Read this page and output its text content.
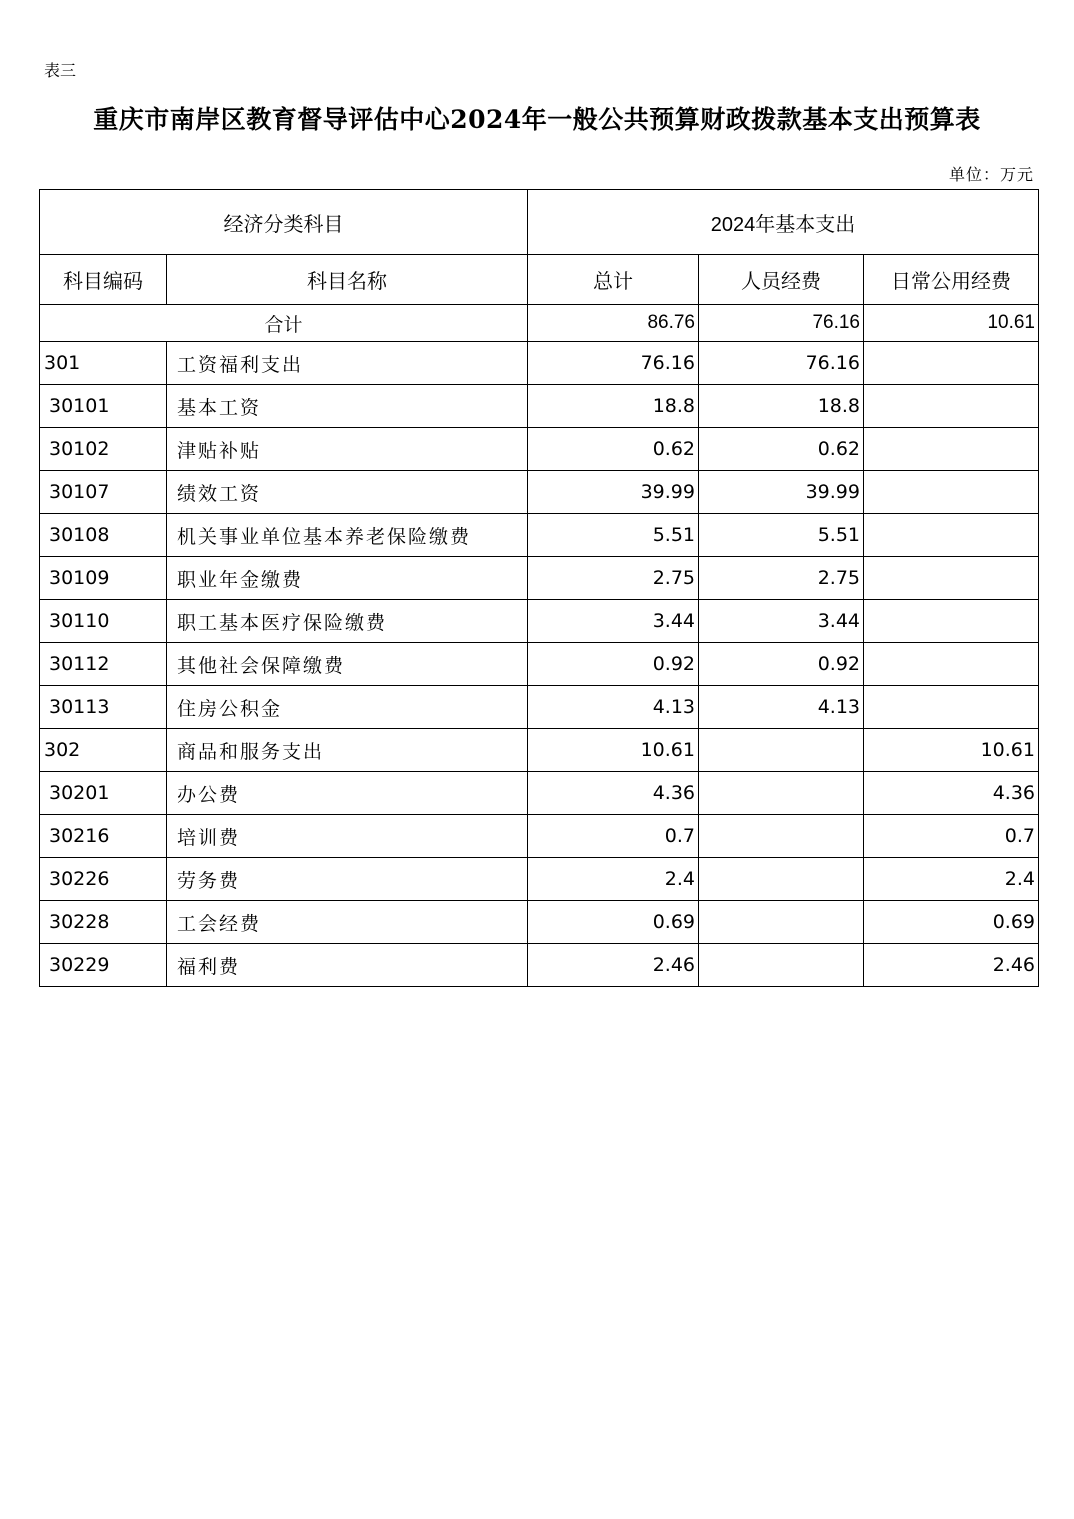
表三
重庆市南岸区教育督导评估中心2024年一般公共预算财政拨款基本支出预算表
单位：万元
经济分类科目		2024年基本支出		
科目编码	科目名称	总计	人员经费	日常公用经费
合计		86.76	76.16	10.61
301	工资福利支出	76.16	76.16	
30101	基本工资	18.8	18.8	
30102	津贴补贴	0.62	0.62	
30107	绩效工资	39.99	39.99	
30108	机关事业单位基本养老保险缴费	5.51	5.51	
30109	职业年金缴费	2.75	2.75	
30110	职工基本医疗保险缴费	3.44	3.44	
30112	其他社会保障缴费	0.92	0.92	
30113	住房公积金	4.13	4.13	
302	商品和服务支出	10.61		10.61
30201	办公费	4.36		4.36
30216	培训费	0.7		0.7
30226	劳务费	2.4		2.4
30228	工会经费	0.69		0.69
30229	福利费	2.46		2.46
